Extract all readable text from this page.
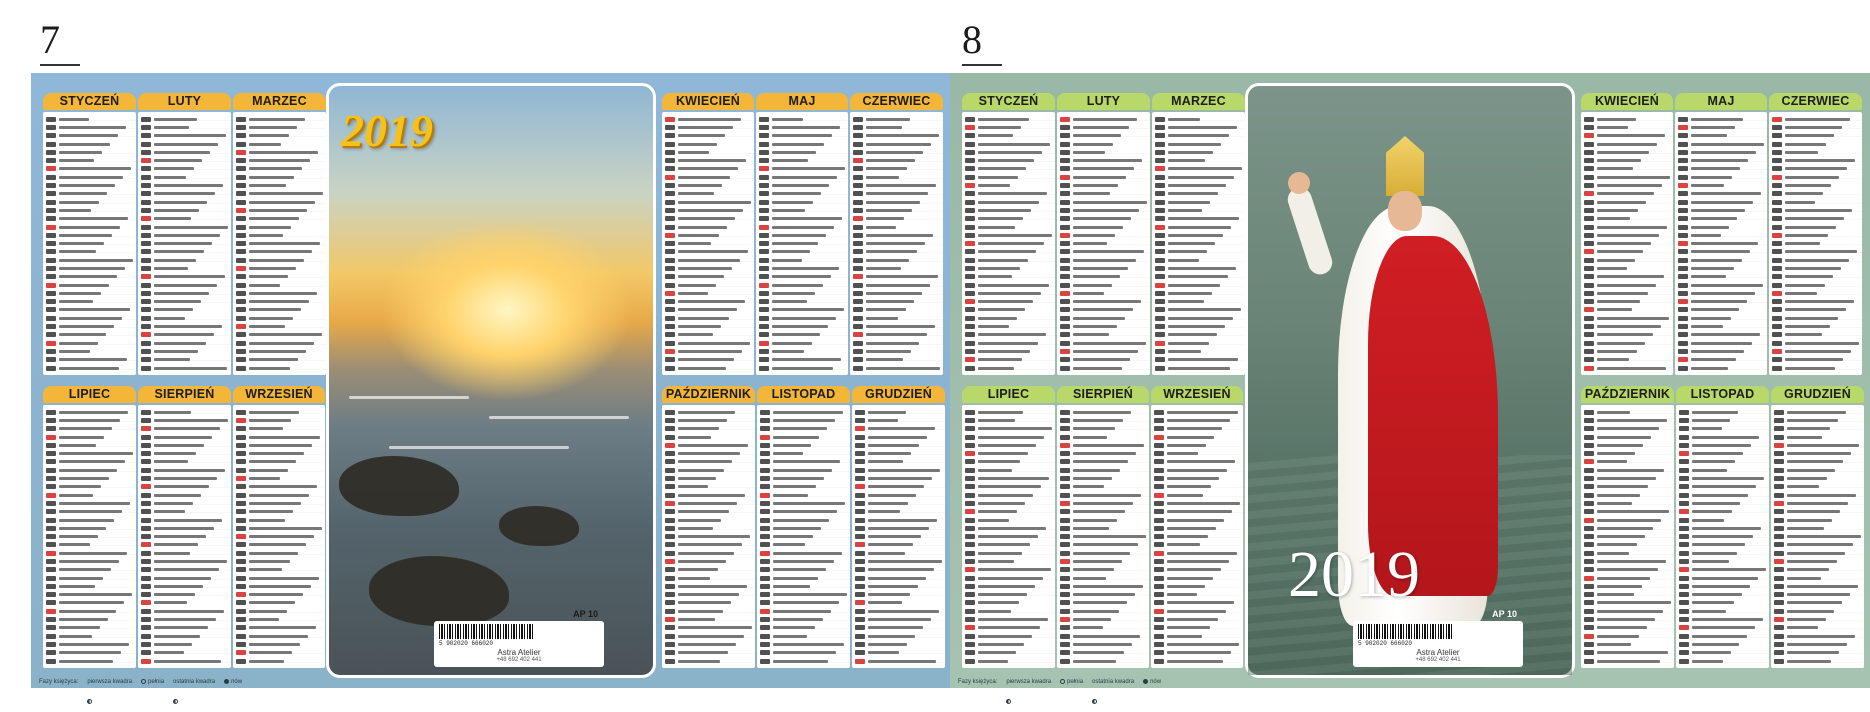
7
STYCZEŃ	LUTY	MARZEC
LIPIEC	SIERPIEŃ	WRZESIEŃ
2019
AP 10
5 902020 666020
Astra Atelier
+48 692 402 441
KWIECIEŃ	MAJ	CZERWIEC
PAŹDZIERNIK	LISTOPAD	GRUDZIEŃ
Fazy księżyca: pierwsza kwadra	pełnia ostatnia kwadra	nów
8
STYCZEŃ	LUTY	MARZEC
LIPIEC	SIERPIEŃ	WRZESIEŃ
2019
AP 10
5 902020 666020
Astra Atelier
+48 692 402 441
KWIECIEŃ	MAJ	CZERWIEC
PAŹDZIERNIK	LISTOPAD	GRUDZIEŃ
Fazy księżyca: pierwsza kwadra	pełnia ostatnia kwadra	nów
